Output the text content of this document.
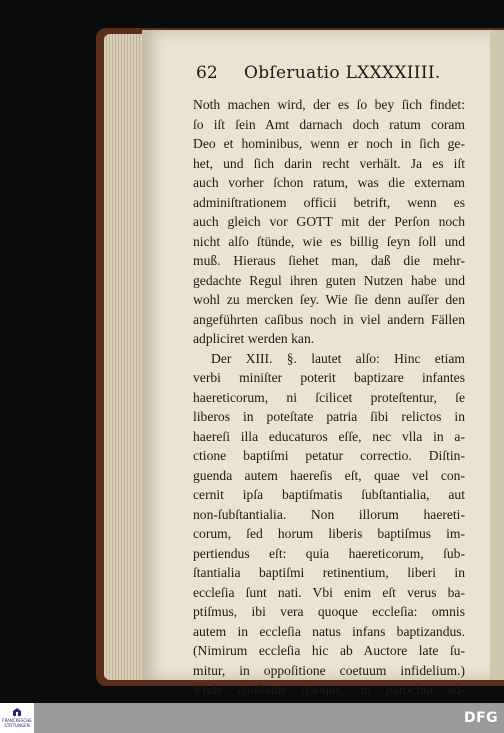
62 Obſeruatio LXXXXIIII.
Noth machen wird, der es ſo bey ſich findet:
ſo iſt ſein Amt darnach doch ratum coram
Deo et hominibus, wenn er noch in ſich ge-
het, und ſich darin recht verhält. Ja es iſt
auch vorher ſchon ratum, was die externam
adminiſtrationem officii betrift, wenn es
auch gleich vor GOTT mit der Perſon noch
nicht alſo ſtünde, wie es billig ſeyn ſoll und
muß. Hieraus ſiehet man, daß die mehr-
gedachte Regul ihren guten Nutzen habe und
wohl zu mercken ſey. Wie ſie denn auſſer den
angeführten caſibus noch in viel andern Fällen
adpliciret werden kan.
Der XIII. §. lautet alſo: Hinc etiam
verbi miniſter poterit baptizare infantes
haereticorum, ni ſcilicet proteſtentur, ſe
liberos in poteſtate patria ſibi relictos in
haereſi illa educaturos eſſe, nec vlla in a-
ctione baptiſmi petatur correctio. Diſtin-
guenda autem haereſis eſt, quae vel con-
cernit ipſa baptiſmatis ſubſtantialia, aut
non-ſubſtantialia. Non illorum haereti-
corum, ſed horum liberis baptiſmus im-
pertiendus eſt: quia haereticorum, ſub-
ſtantialia baptiſmi retinentium, liberi in
eccleſia ſunt nati. Vbi enim eſt verus ba-
ptiſmus, ibi vera quoque eccleſia: omnis
autem in eccleſia natus infans baptizandus.
(Nimirum eccleſia hic ab Auctore late ſu-
mitur, in oppoſitione coetuum infidelium.)
Vnde apoſtatae quoque, in parochia ad-
FRANCKESCHE STIFTUNGEN	DFG
